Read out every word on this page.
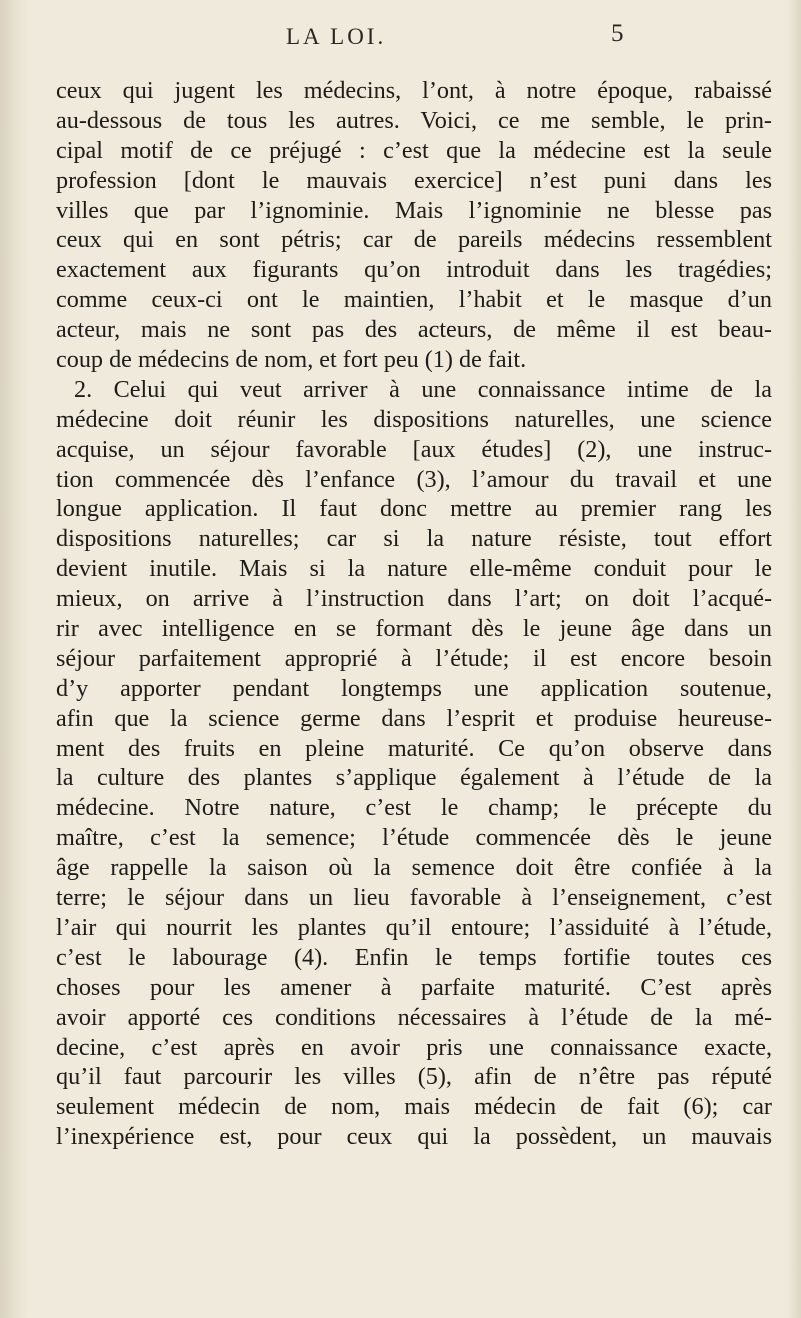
LA LOI.	5
ceux qui jugent les médecins, l’ont, à notre époque, rabaissé
au-dessous de tous les autres. Voici, ce me semble, le prin-
cipal motif de ce préjugé : c’est que la médecine est la seule
profession [dont le mauvais exercice] n’est puni dans les
villes que par l’ignominie. Mais l’ignominie ne blesse pas
ceux qui en sont pétris; car de pareils médecins ressemblent
exactement aux figurants qu’on introduit dans les tragédies;
comme ceux-ci ont le maintien, l’habit et le masque d’un
acteur, mais ne sont pas des acteurs, de même il est beau-
coup de médecins de nom, et fort peu (1) de fait.
2. Celui qui veut arriver à une connaissance intime de la
médecine doit réunir les dispositions naturelles, une science
acquise, un séjour favorable [aux études] (2), une instruc-
tion commencée dès l’enfance (3), l’amour du travail et une
longue application. Il faut donc mettre au premier rang les
dispositions naturelles; car si la nature résiste, tout effort
devient inutile. Mais si la nature elle-même conduit pour le
mieux, on arrive à l’instruction dans l’art; on doit l’acqué-
rir avec intelligence en se formant dès le jeune âge dans un
séjour parfaitement approprié à l’étude; il est encore besoin
d’y apporter pendant longtemps une application soutenue,
afin que la science germe dans l’esprit et produise heureuse-
ment des fruits en pleine maturité. Ce qu’on observe dans
la culture des plantes s’applique également à l’étude de la
médecine. Notre nature, c’est le champ; le précepte du
maître, c’est la semence; l’étude commencée dès le jeune
âge rappelle la saison où la semence doit être confiée à la
terre; le séjour dans un lieu favorable à l’enseignement, c’est
l’air qui nourrit les plantes qu’il entoure; l’assiduité à l’étude,
c’est le labourage (4). Enfin le temps fortifie toutes ces
choses pour les amener à parfaite maturité. C’est après
avoir apporté ces conditions nécessaires à l’étude de la mé-
decine, c’est après en avoir pris une connaissance exacte,
qu’il faut parcourir les villes (5), afin de n’être pas réputé
seulement médecin de nom, mais médecin de fait (6); car
l’inexpérience est, pour ceux qui la possèdent, un mauvais
